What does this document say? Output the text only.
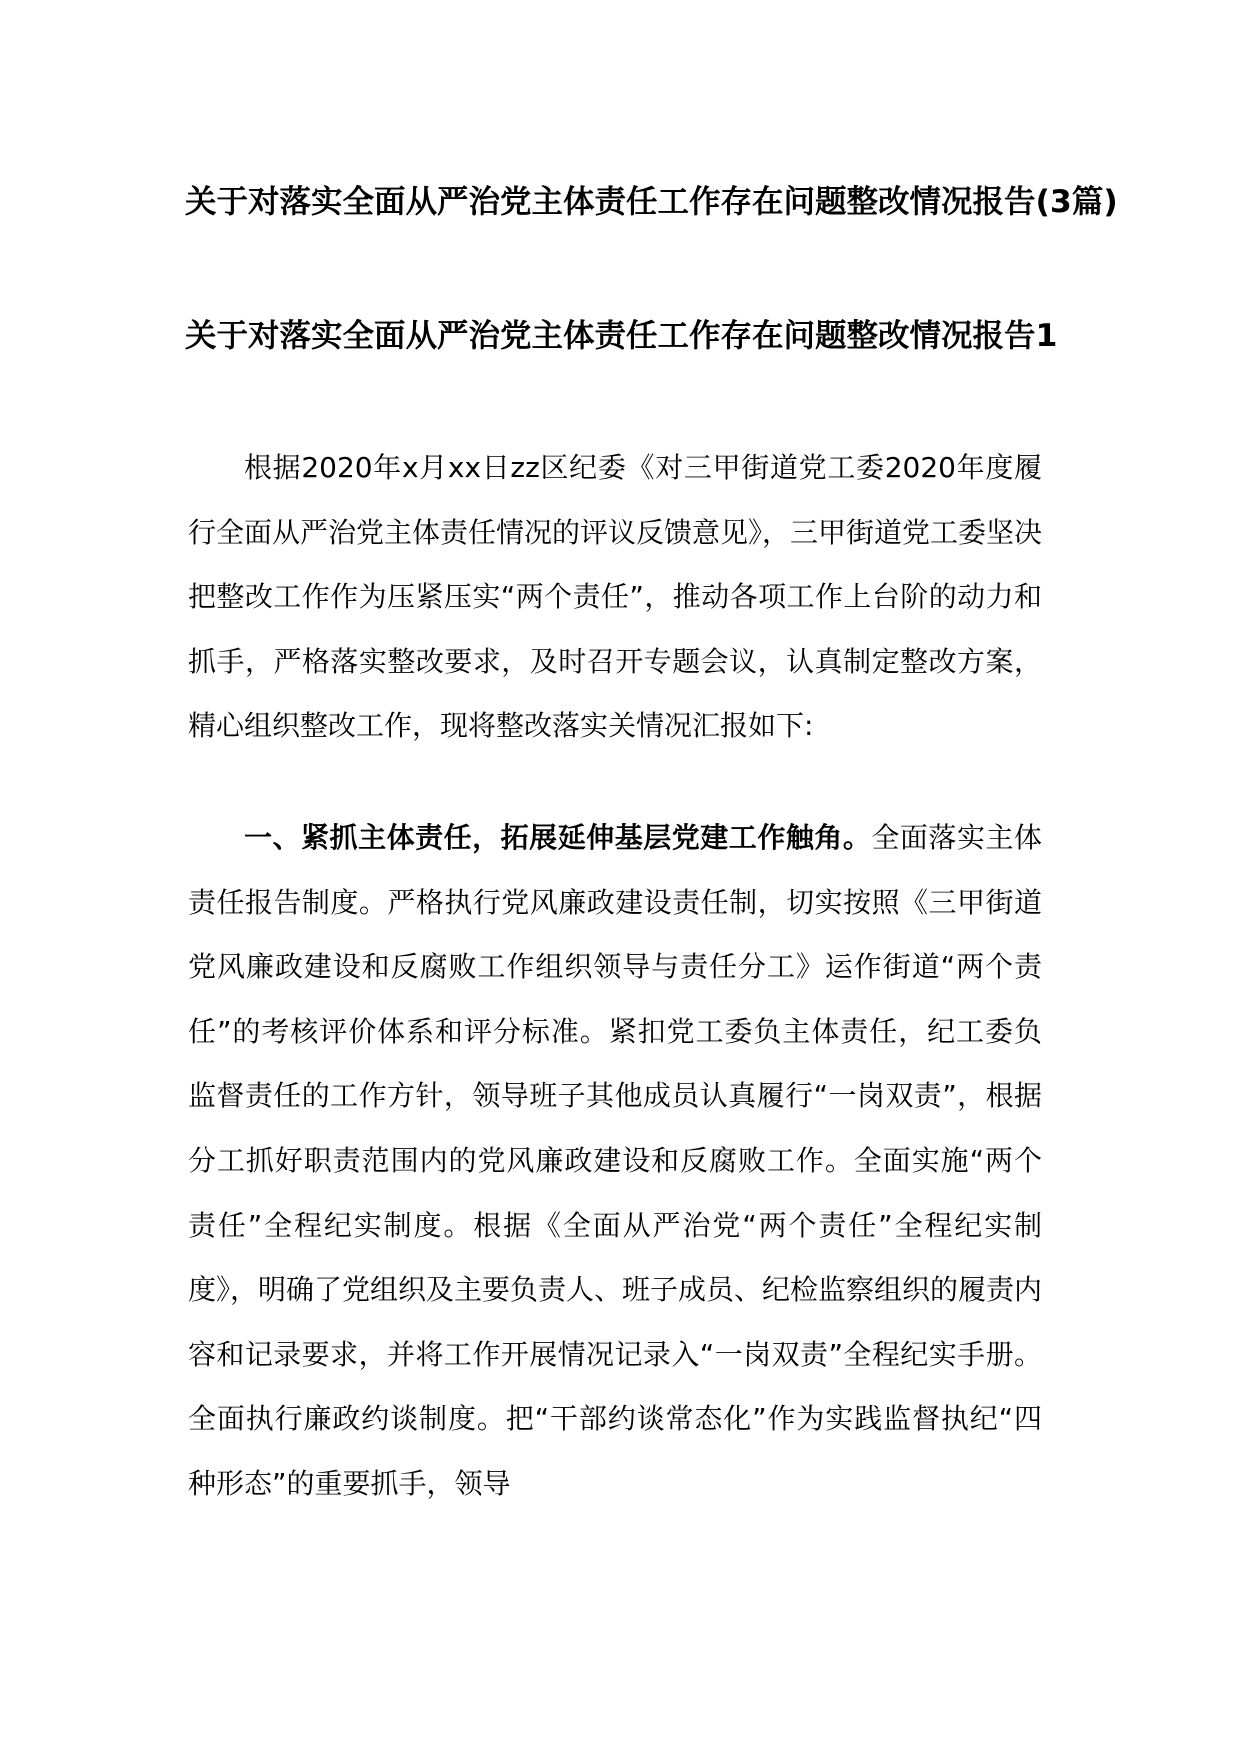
关于对落实全面从严治党主体责任工作存在问题整改情况报告(3篇)
关于对落实全面从严治党主体责任工作存在问题整改情况报告1

根据2020年x月xx日zz区纪委《对三甲街道党工委2020年度履行全面从严治党主体责任情况的评议反馈意见》，三甲街道党工委坚决把整改工作作为压紧压实“两个责任”，推动各项工作上台阶的动力和抓手，严格落实整改要求，及时召开专题会议，认真制定整改方案，精心组织整改工作，现将整改落实关情况汇报如下:

一、紧抓主体责任，拓展延伸基层党建工作触角。全面落实主体责任报告制度。严格执行党风廉政建设责任制，切实按照《三甲街道党风廉政建设和反腐败工作组织领导与责任分工》运作街道“两个责任”的考核评价体系和评分标准。紧扣党工委负主体责任，纪工委负监督责任的工作方针，领导班子其他成员认真履行“一岗双责”，根据分工抓好职责范围内的党风廉政建设和反腐败工作。全面实施“两个责任”全程纪实制度。根据《全面从严治党“两个责任”全程纪实制度》，明确了党组织及主要负责人、班子成员、纪检监察组织的履责内容和记录要求，并将工作开展情况记录入“一岗双责”全程纪实手册。全面执行廉政约谈制度。把“干部约谈常态化”作为实践监督执纪“四种形态”的重要抓手，领导
